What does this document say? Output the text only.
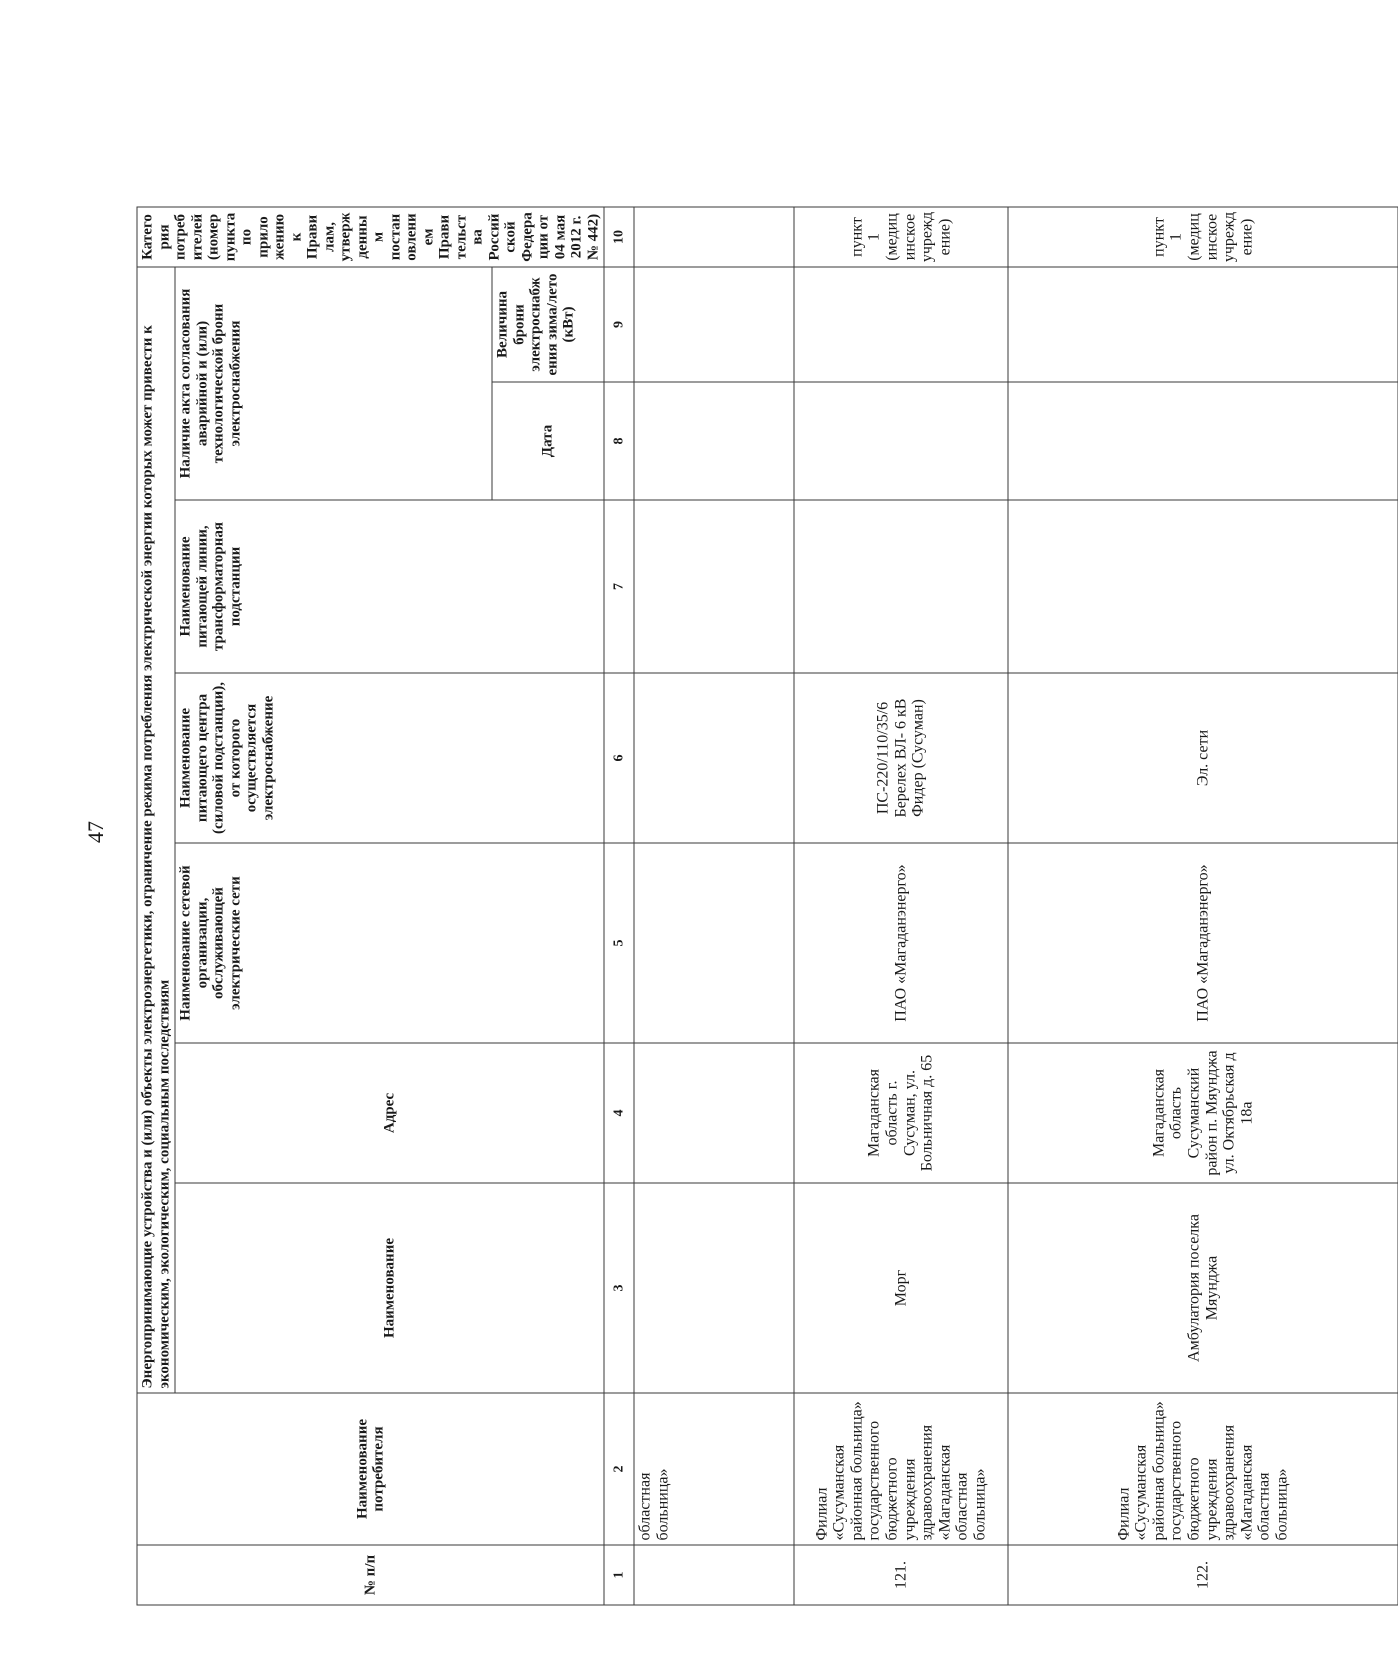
47
№ п/п	Наименование потребителя	Энергопринимающие устройства и (или) объекты электроэнергетики, ограничение режима потребления электрической энергии которых может привести к экономическим, экологическим, социальным последствиям							Категория потребителей (номер пункта по приложению к Правилам, утвержденным постановлением Правительства Российской Федерации от 04 мая 2012 г. № 442)
		Наименование	Адрес	Наименование сетевой организации, обслуживающей электрические сети	Наименование питающего центра (силовой подстанции), от которого осуществляется электроснабжение	Наименование питающей линии, трансформаторная подстанции	Наличие акта согласования аварийной и (или) технологической брони электроснабжения		
							Дата	Величина брони электроснабж ения зима/лето (кВт)	
1	2	3	4	5	6	7	8	9	10
	областная больница»								
121.	Филиал «Сусуманская районная больница» государственного бюджетного учреждения здравоохранения «Магаданская областная больница»	Морг	Магаданская область г. Сусуман, ул. Больничная д. 65	ПАО «Магаданэнерго»	ПС-220/110/35/6 Берелех ВЛ- 6 кВ Фидер (Сусуман)				пункт 1 (медицинское учреждение)
122.	Филиал «Сусуманская районная больница» государственного бюджетного учреждения здравоохранения «Магаданская областная больница»	Амбулатория поселка Мяунджа	Магаданская область Сусуманский район п. Мяунджа ул. Октябрьская д 18а	ПАО «Магаданэнерго»	Эл. сети				пункт 1 (медицинское учреждение)
